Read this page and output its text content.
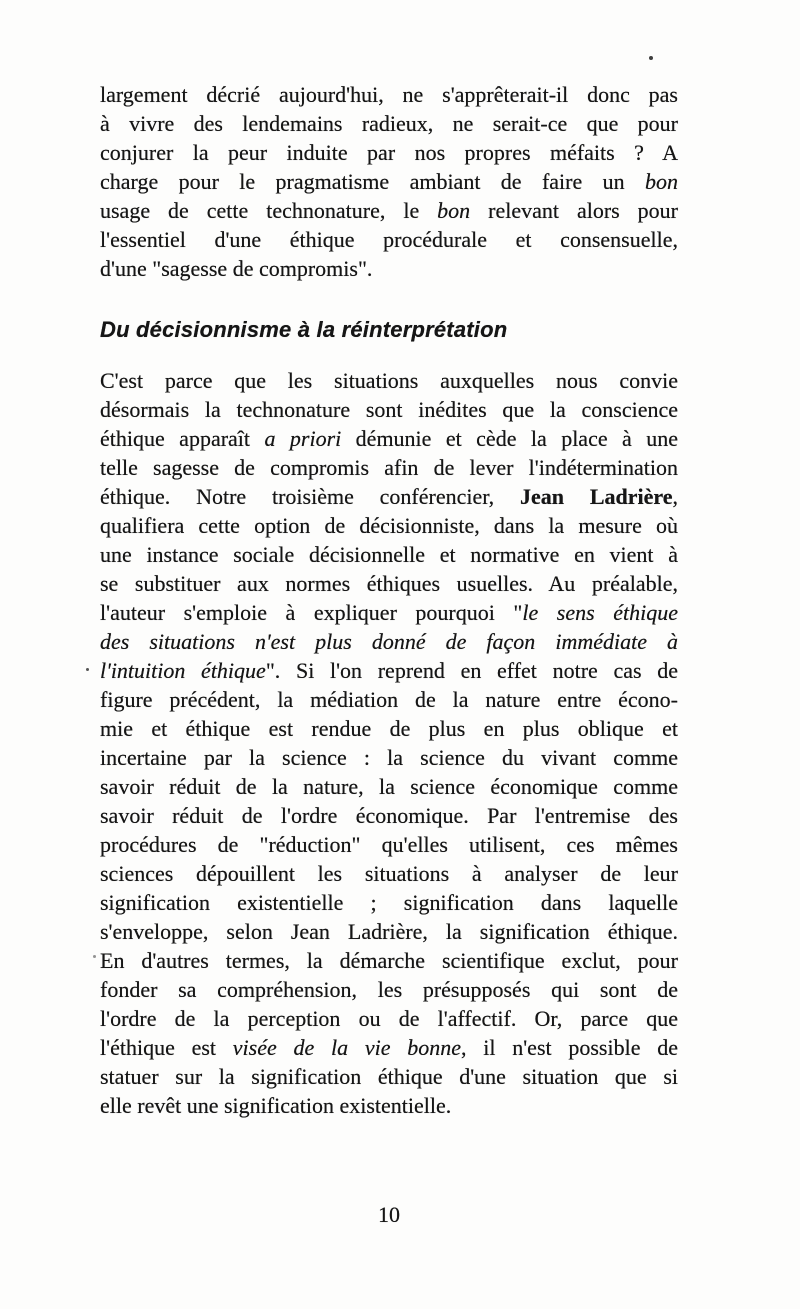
largement décrié aujourd'hui, ne s'apprêterait-il donc pas
à vivre des lendemains radieux, ne serait-ce que pour
conjurer la peur induite par nos propres méfaits ? A
charge pour le pragmatisme ambiant de faire un bon
usage de cette technonature, le bon relevant alors pour
l'essentiel d'une éthique procédurale et consensuelle,
d'une "sagesse de compromis".
Du décisionnisme à la réinterprétation
C'est parce que les situations auxquelles nous convie
désormais la technonature sont inédites que la conscience
éthique apparaît a priori démunie et cède la place à une
telle sagesse de compromis afin de lever l'indétermination
éthique. Notre troisième conférencier, Jean Ladrière,
qualifiera cette option de décisionniste, dans la mesure où
une instance sociale décisionnelle et normative en vient à
se substituer aux normes éthiques usuelles. Au préalable,
l'auteur s'emploie à expliquer pourquoi "le sens éthique
des situations n'est plus donné de façon immédiate à
l'intuition éthique". Si l'on reprend en effet notre cas de
figure précédent, la médiation de la nature entre écono-
mie et éthique est rendue de plus en plus oblique et
incertaine par la science : la science du vivant comme
savoir réduit de la nature, la science économique comme
savoir réduit de l'ordre économique. Par l'entremise des
procédures de "réduction" qu'elles utilisent, ces mêmes
sciences dépouillent les situations à analyser de leur
signification existentielle ; signification dans laquelle
s'enveloppe, selon Jean Ladrière, la signification éthique.
En d'autres termes, la démarche scientifique exclut, pour
fonder sa compréhension, les présupposés qui sont de
l'ordre de la perception ou de l'affectif. Or, parce que
l'éthique est visée de la vie bonne, il n'est possible de
statuer sur la signification éthique d'une situation que si
elle revêt une signification existentielle.
10
